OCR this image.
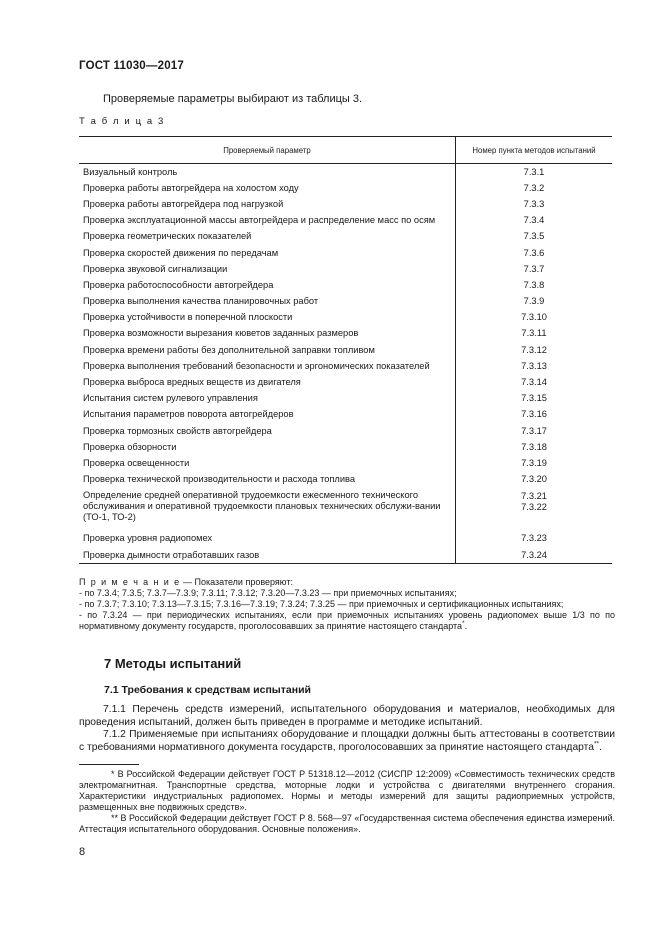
ГОСТ 11030—2017
Проверяемые параметры выбирают из таблицы 3.
Т а б л и ц а 3
Проверяемый параметр	Номер пункта методов испытаний
Визуальный контроль	7.3.1
Проверка работы автогрейдера на холостом ходу	7.3.2
Проверка работы автогрейдера под нагрузкой	7.3.3
Проверка эксплуатационной массы автогрейдера и распределение масс по осям	7.3.4
Проверка геометрических показателей	7.3.5
Проверка скоростей движения по передачам	7.3.6
Проверка звуковой сигнализации	7.3.7
Проверка работоспособности автогрейдера	7.3.8
Проверка выполнения качества планировочных работ	7.3.9
Проверка устойчивости в поперечной плоскости	7.3.10
Проверка возможности вырезания кюветов заданных размеров	7.3.11
Проверка времени работы без дополнительной заправки топливом	7.3.12
Проверка выполнения требований безопасности и эргономических показателей	7.3.13
Проверка выброса вредных веществ из двигателя	7.3.14
Испытания систем рулевого управления	7.3.15
Испытания параметров поворота автогрейдеров	7.3.16
Проверка тормозных свойств автогрейдера	7.3.17
Проверка обзорности	7.3.18
Проверка освещенности	7.3.19
Проверка технической производительности и расхода топлива	7.3.20
Определение средней оперативной трудоемкости ежесменного технического обслуживания и оперативной трудоемкости плановых технических обслужи-вании (ТО-1, ТО-2)	7.3.21
7.3.22

Проверка уровня радиопомех	7.3.23
Проверка дымности отработавших газов	7.3.24

П р и м е ч а н и е — Показатели проверяют:

- по 7.3.4; 7.3.5; 7.3.7—7.3.9; 7.3.11; 7.3.12; 7.3.20—7.3.23 — при приемочных испытаниях;

- по 7.3.7; 7.3.10; 7.3.13—7.3.15; 7.3.16—7.3.19; 7.3.24; 7.3.25 — при приемочных и сертификационных испытаниях;

- по 7.3.24 — при периодических испытаниях, если при приемочных испытаниях уровень радиопомех выше 1/3 по по нормативному документу государств, проголосовавших за принятие настоящего стандарта*.

7 Методы испытаний
7.1 Требования к средствам испытаний

7.1.1 Перечень средств измерений, испытательного оборудования и материалов, необходимых для проведения испытаний, должен быть приведен в программе и методике испытаний.

7.1.2 Применяемые при испытаниях оборудование и площадки должны быть аттестованы в соответствии с требованиями нормативного документа государств, проголосовавших за принятие настоящего стандарта**.

* В Российской Федерации действует ГОСТ Р 51318.12—2012 (СИСПР 12:2009) «Совместимость технических средств электромагнитная. Транспортные средства, моторные лодки и устройства с двигателями внутреннего сгорания. Характеристики индустриальных радиопомех. Нормы и методы измерений для защиты радиоприемных устройств, размещенных вне подвижных средств».

** В Российской Федерации действует ГОСТ Р 8. 568—97 «Государственная система обеспечения единства измерений. Аттестация испытательного оборудования. Основные положения».

8
